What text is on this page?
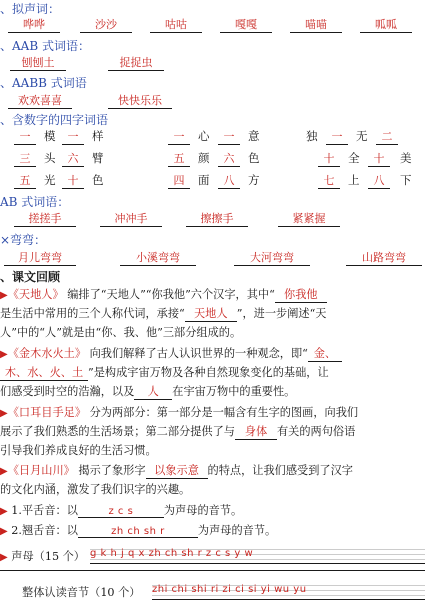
、拟声词：
哗哗	沙沙	咕咕	嘎嘎	喵喵	呱呱
、AAB 式词语：
刨刨土	捉捉虫
、AABB 式词语
欢欢喜喜	快快乐乐
、含数字的四字词语
一	模	一	样	一	心	一	意	独	一	无	二
三	头	六	臂	五	颜	六	色	十	全	十	美
五	光	十	色	四	面	八	方	七	上	八	下
AB 式词语：
搓搓手	冲冲手	擦擦手	紧紧握
×弯弯：
月儿弯弯	小溪弯弯	大河弯弯	山路弯弯
、课文回顾
▶《天地人》 编排了“天地人”“你我他”六个汉字，其中“ 你我他
是生活中常用的三个人称代词，承接“ 天地人 ”，进一步阐述“天
人”中的“人”就是由“你、我、他”三部分组成的。
▶《金木水火土》 向我们解释了古人认识世界的一种观念，即“ 金、
木、水、火、土 ”是构成宇宙万物及各种自然现象变化的基础，让
们感受到时空的浩瀚，以及 人 在宇宙万物中的重要性。
▶《口耳目手足》 分为两部分：第一部分是一幅含有生字的图画，向我们
展示了我们熟悉的生活场景；第二部分提供了与 身体 有关的两句俗语
引导我们养成良好的生活习惯。
▶《日月山川》 揭示了象形字 以象示意 的特点，让我们感受到了汉字
的文化内涵，激发了我们识字的兴趣。
▶ 1.平舌音：以	z c s	为声母的音节。
▶ 2.翘舌音：以	zh ch sh r	为声母的音节。
▶ 声母（15 个） g k h j q x zh ch sh r z c s y w
整体认读音节（10 个） zhi chi shi ri zi ci si yi wu yu
